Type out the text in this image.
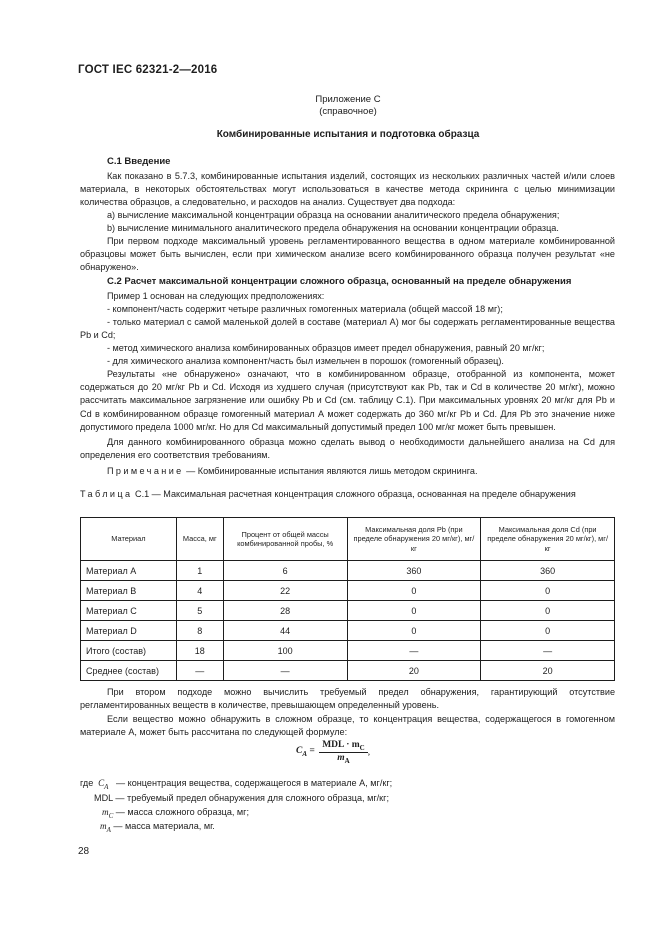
ГОСТ IEC 62321-2—2016
Приложение C
(справочное)
Комбинированные испытания и подготовка образца
C.1 Введение
Как показано в 5.7.3, комбинированные испытания изделий, состоящих из нескольких различных частей и/или слоев материала, в некоторых обстоятельствах могут использоваться в качестве метода скрининга с целью минимизации количества образцов, а следовательно, и расходов на анализ. Существует два подхода:
а) вычисление максимальной концентрации образца на основании аналитического предела обнаружения;
b) вычисление минимального аналитического предела обнаружения на основании концентрации образца.
При первом подходе максимальный уровень регламентированного вещества в одном материале комбинированной образцовы может быть вычислен, если при химическом анализе всего комбинированного образца получен результат «не обнаружено».
C.2 Расчет максимальной концентрации сложного образца, основанный на пределе обнаружения
Пример 1 основан на следующих предположениях:
- компонент/часть содержит четыре различных гомогенных материала (общей массой 18 мг);
- только материал с самой маленькой долей в составе (материал А) мог бы содержать регламентированные вещества Pb и Cd;
- метод химического анализа комбинированных образцов имеет предел обнаружения, равный 20 мг/кг;
- для химического анализа компонент/часть был измельчен в порошок (гомогенный образец).
Результаты «не обнаружено» означают, что в комбинированном образце, отобранной из компонента, может содержаться до 20 мг/кг Pb и Cd. Исходя из худшего случая (присутствуют как Pb, так и Cd в количестве 20 мг/кг), можно рассчитать максимальное загрязнение или ошибку Pb и Cd (см. таблицу С.1). При максимальных уровнях 20 мг/кг для Pb и Cd в комбинированном образце гомогенный материал А может содержать до 360 мг/кг Pb и Cd. Для Pb это значение ниже допустимого предела 1000 мг/кг. Но для Cd максимальный допустимый предел 100 мг/кг может быть превышен.
Для данного комбинированного образца можно сделать вывод о необходимости дальнейшего анализа на Cd для определения его соответствия требованиям.
Примечание — Комбинированные испытания являются лишь методом скрининга.
Таблица С.1 — Максимальная расчетная концентрация сложного образца, основанная на пределе обнаружения
Материал	Масса, мг	Процент от общей массы комбинированной пробы, %	Максимальная доля Pb (при пределе обнаружения 20 мг/кг), мг/кг	Максимальная доля Cd (при пределе обнаружения 20 мг/кг), мг/кг
Материал А	1	6	360	360
Материал В	4	22	0	0
Материал С	5	28	0	0
Материал D	8	44	0	0
Итого (состав)	18	100	—	—
Среднее (состав)	—	—	20	20
При втором подходе можно вычислить требуемый предел обнаружения, гарантирующий отсутствие регламентированных веществ в количестве, превышающем определенный уровень.
Если вещество можно обнаружить в сложном образце, то концентрация вещества, содержащегося в гомогенном материале А, может быть рассчитана по следующей формуле:
$C_A = \frac{MDL \cdot m_C}{m_A}$ ,
где  $C_A$ — концентрация вещества, содержащегося в материале А, мг/кг;
MDL — требуемый предел обнаружения для сложного образца, мг/кг;
$m_C$ — масса сложного образца, мг;
$m_A$ — масса материала, мг.
28
